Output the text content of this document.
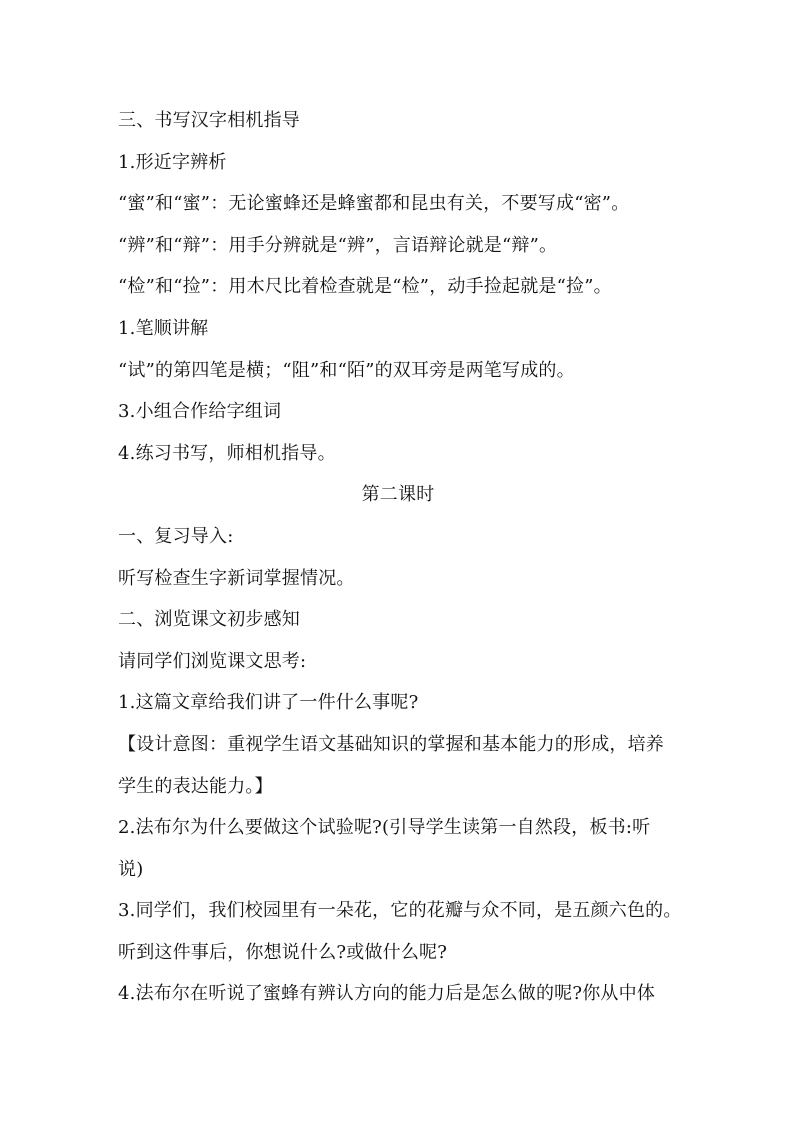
三、书写汉字相机指导
1.形近字辨析
“蜜”和“蜜”：无论蜜蜂还是蜂蜜都和昆虫有关，不要写成“密”。
“辨”和“辩”：用手分辨就是“辨”，言语辩论就是“辩”。
“检”和“捡”：用木尺比着检查就是“检”，动手捡起就是“捡”。
1.笔顺讲解
“试”的第四笔是横；“阻”和“陌”的双耳旁是两笔写成的。
3.小组合作给字组词
4.练习书写，师相机指导。
第二课时
一、复习导入:
听写检查生字新词掌握情况。
二、浏览课文初步感知
请同学们浏览课文思考:
1.这篇文章给我们讲了一件什么事呢?
【设计意图：重视学生语文基础知识的掌握和基本能力的形成，培养
学生的表达能力。】
2.法布尔为什么要做这个试验呢?(引导学生读第一自然段，板书:听
说)
3.同学们，我们校园里有一朵花，它的花瓣与众不同，是五颜六色的。
听到这件事后，你想说什么?或做什么呢?
4.法布尔在听说了蜜蜂有辨认方向的能力后是怎么做的呢?你从中体
